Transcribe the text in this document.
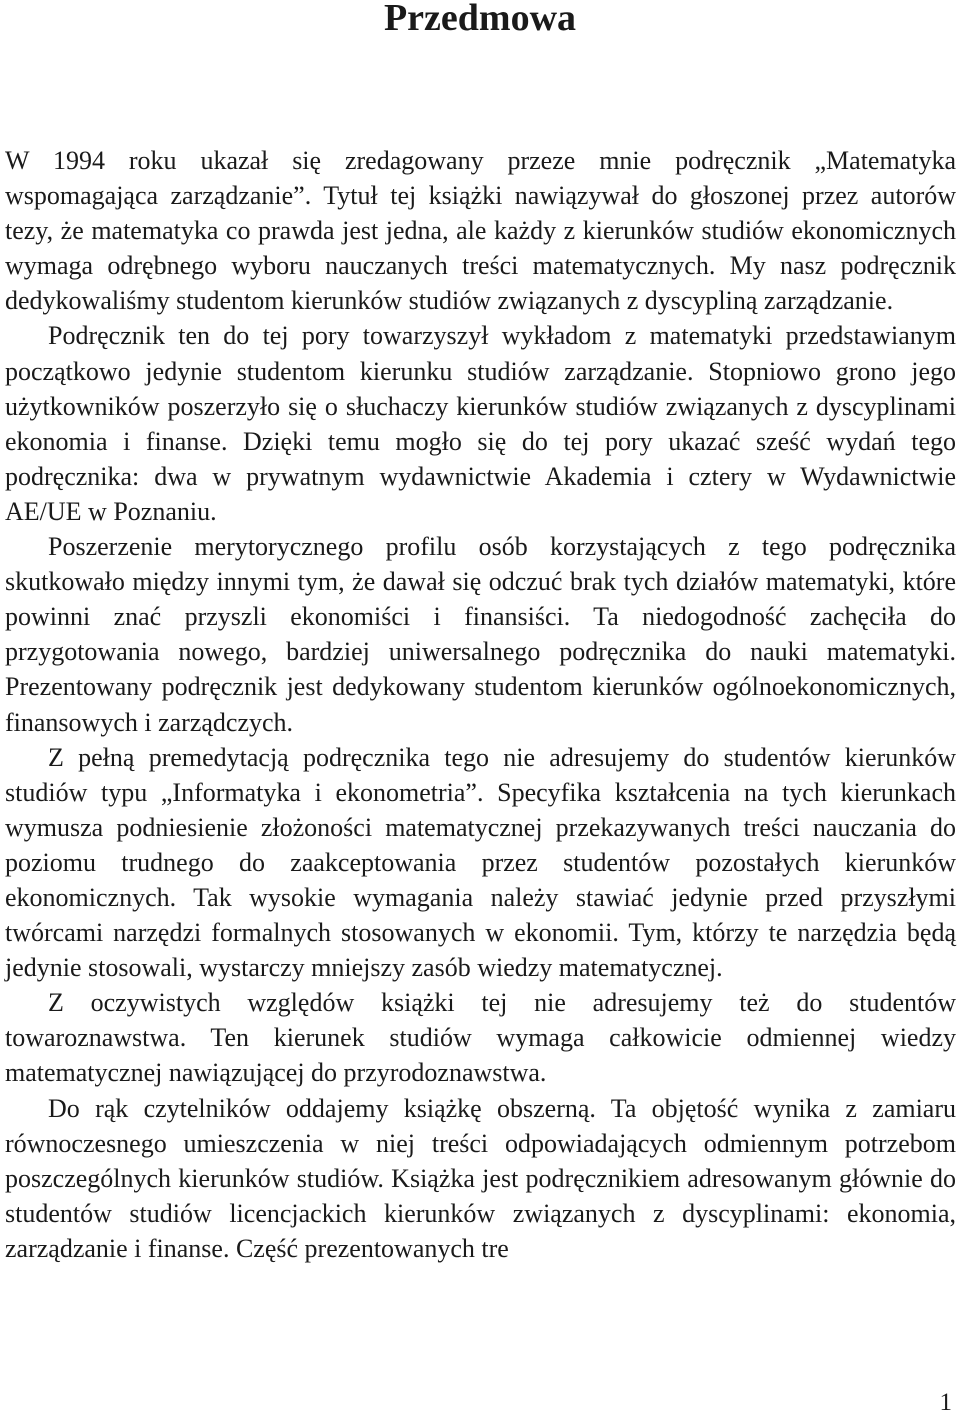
Przedmowa

W 1994 roku ukazał się zredagowany przeze mnie podręcznik „Matematyka wspomagająca zarządzanie”. Tytuł tej książki nawiązywał do głoszonej przez autorów tezy, że matematyka co prawda jest jedna, ale każdy z kierunków studiów ekonomicznych wymaga odrębnego wyboru nauczanych treści matematycznych. My nasz podręcznik dedykowaliśmy studentom kierunków studiów związanych z dyscypliną zarządzanie.

Podręcznik ten do tej pory towarzyszył wykładom z matematyki przedstawianym początkowo jedynie studentom kierunku studiów zarządzanie. Stopniowo grono jego użytkowników poszerzyło się o słuchaczy kierunków studiów związanych z dyscyplinami ekonomia i finanse. Dzięki temu mogło się do tej pory ukazać sześć wydań tego podręcznika: dwa w prywatnym wydawnictwie Akademia i cztery w Wydawnictwie AE/UE w Poznaniu.

Poszerzenie merytorycznego profilu osób korzystających z tego podręcznika skutkowało między innymi tym, że dawał się odczuć brak tych działów matematyki, które powinni znać przyszli ekonomiści i finansiści. Ta niedogodność zachęciła do przygotowania nowego, bardziej uniwersalnego podręcznika do nauki matematyki. Prezentowany podręcznik jest dedykowany studentom kierunków ogólnoekonomicznych, finansowych i zarządczych.

Z pełną premedytacją podręcznika tego nie adresujemy do studentów kierunków studiów typu „Informatyka i ekonometria”. Specyfika kształcenia na tych kierunkach wymusza podniesienie złożoności matematycznej przekazywanych treści nauczania do poziomu trudnego do zaakceptowania przez studentów pozostałych kierunków ekonomicznych. Tak wysokie wymagania należy stawiać jedynie przed przyszłymi twórcami narzędzi formalnych stosowanych w ekonomii. Tym, którzy te narzędzia będą jedynie stosowali, wystarczy mniejszy zasób wiedzy matematycznej.

Z oczywistych względów książki tej nie adresujemy też do studentów towaroznawstwa. Ten kierunek studiów wymaga całkowicie odmiennej wiedzy matematycznej nawiązującej do przyrodoznawstwa.

Do rąk czytelników oddajemy książkę obszerną. Ta objętość wynika z zamiaru równoczesnego umieszczenia w niej treści odpowiadających odmiennym potrzebom poszczególnych kierunków studiów. Książka jest podręcznikiem adresowanym głównie do studentów studiów licencjackich kierunków związanych z dyscyplinami: ekonomia, zarządzanie i finanse. Część prezentowanych tre

1
